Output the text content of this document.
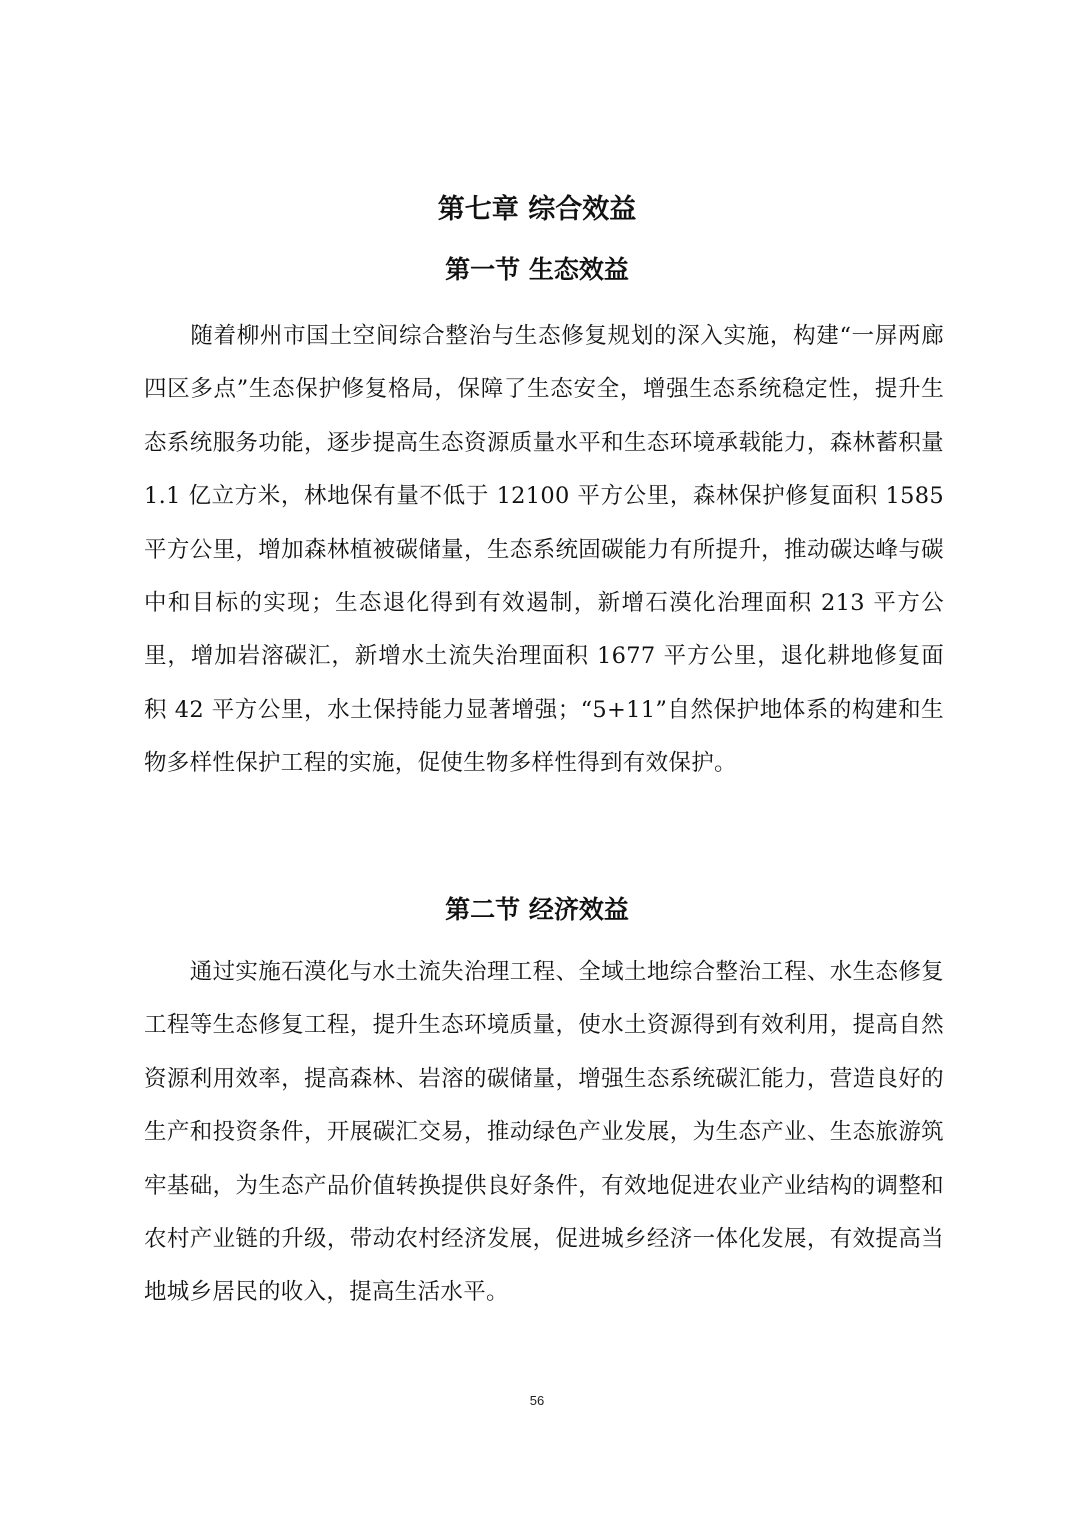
第七章 综合效益
第一节 生态效益

　　随着柳州市国土空间综合整治与生态修复规划的深入实施，构建“一屏两廊四区多点”生态保护修复格局，保障了生态安全，增强生态系统稳定性，提升生态系统服务功能，逐步提高生态资源质量水平和生态环境承载能力，森林蓄积量 1.1 亿立方米，林地保有量不低于 12100 平方公里，森林保护修复面积 1585 平方公里，增加森林植被碳储量，生态系统固碳能力有所提升，推动碳达峰与碳中和目标的实现；生态退化得到有效遏制，新增石漠化治理面积 213 平方公里，增加岩溶碳汇，新增水土流失治理面积 1677 平方公里，退化耕地修复面积 42 平方公里，水土保持能力显著增强；“5+11”自然保护地体系的构建和生物多样性保护工程的实施，促使生物多样性得到有效保护。

第二节 经济效益

　　通过实施石漠化与水土流失治理工程、全域土地综合整治工程、水生态修复工程等生态修复工程，提升生态环境质量，使水土资源得到有效利用，提高自然资源利用效率，提高森林、岩溶的碳储量，增强生态系统碳汇能力，营造良好的生产和投资条件，开展碳汇交易，推动绿色产业发展，为生态产业、生态旅游筑牢基础，为生态产品价值转换提供良好条件，有效地促进农业产业结构的调整和农村产业链的升级，带动农村经济发展，促进城乡经济一体化发展，有效提高当地城乡居民的收入，提高生活水平。

56
